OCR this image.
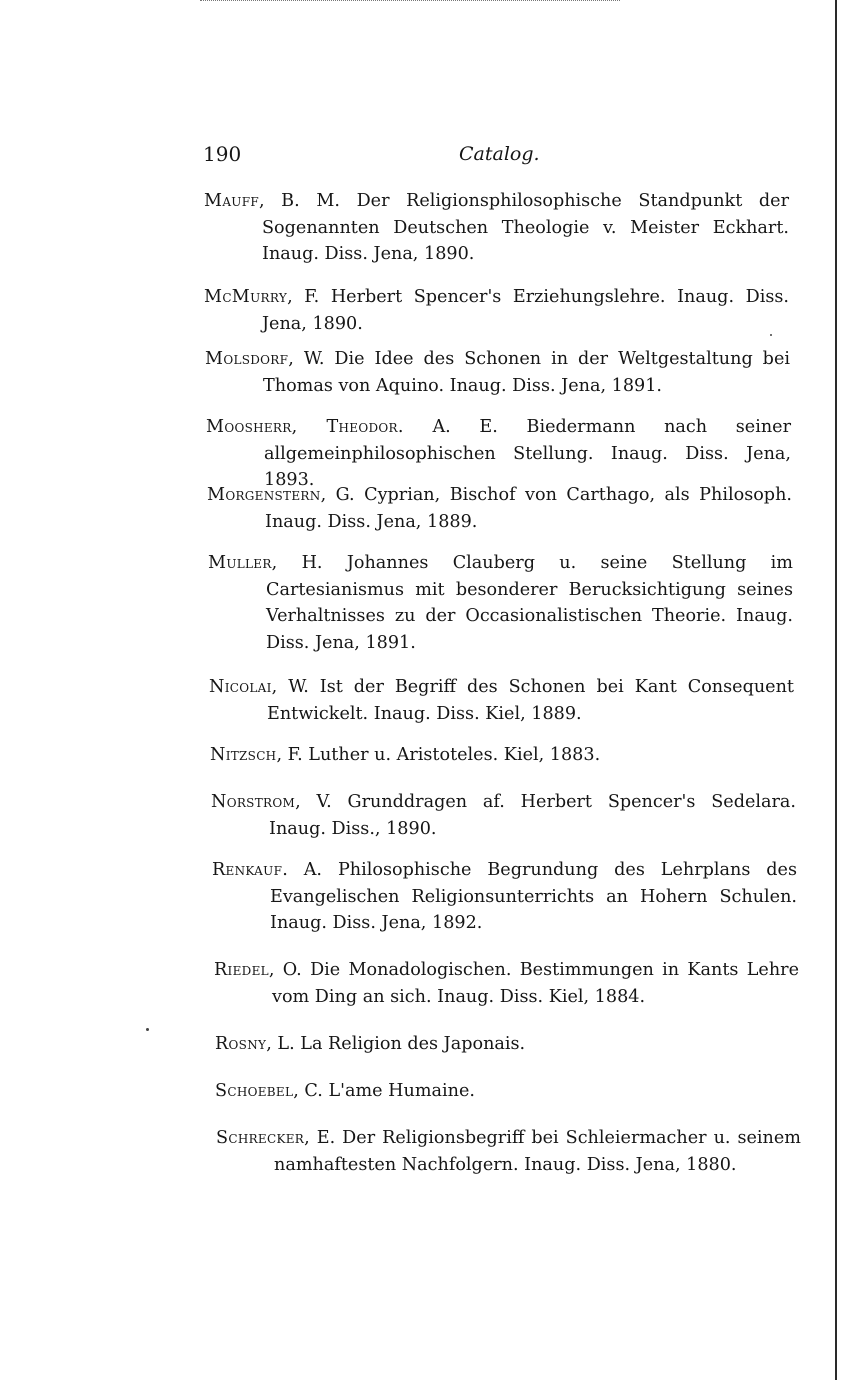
190	Catalog.
Mauff, B. M. Der Religionsphilosophische Standpunkt der Sogenannten Deutschen Theologie v. Meister Eckhart. Inaug. Diss. Jena, 1890.
McMurry, F. Herbert Spencer's Erziehungslehre. Inaug. Diss. Jena, 1890.
Molsdorf, W. Die Idee des Schonen in der Weltgestaltung bei Thomas von Aquino. Inaug. Diss. Jena, 1891.
Moosherr, Theodor. A. E. Biedermann nach seiner allgemeinphilosophischen Stellung. Inaug. Diss. Jena, 1893.
Morgenstern, G. Cyprian, Bischof von Carthago, als Philosoph. Inaug. Diss. Jena, 1889.
Muller, H. Johannes Clauberg u. seine Stellung im Cartesianismus mit besonderer Berucksichtigung seines Verhaltnisses zu der Occasionalistischen Theorie. Inaug. Diss. Jena, 1891.
Nicolai, W. Ist der Begriff des Schonen bei Kant Consequent Entwickelt. Inaug. Diss. Kiel, 1889.
Nitzsch, F. Luther u. Aristoteles. Kiel, 1883.
Norstrom, V. Grunddragen af. Herbert Spencer's Sedelara. Inaug. Diss., 1890.
Renkauf. A. Philosophische Begrundung des Lehrplans des Evangelischen Religionsunterrichts an Hohern Schulen. Inaug. Diss. Jena, 1892.
Riedel, O. Die Monadologischen. Bestimmungen in Kants Lehre vom Ding an sich. Inaug. Diss. Kiel, 1884.
Rosny, L. La Religion des Japonais.
Schoebel, C. L'ame Humaine.
Schrecker, E. Der Religionsbegriff bei Schleiermacher u. seinem namhaftesten Nachfolgern. Inaug. Diss. Jena, 1880.
